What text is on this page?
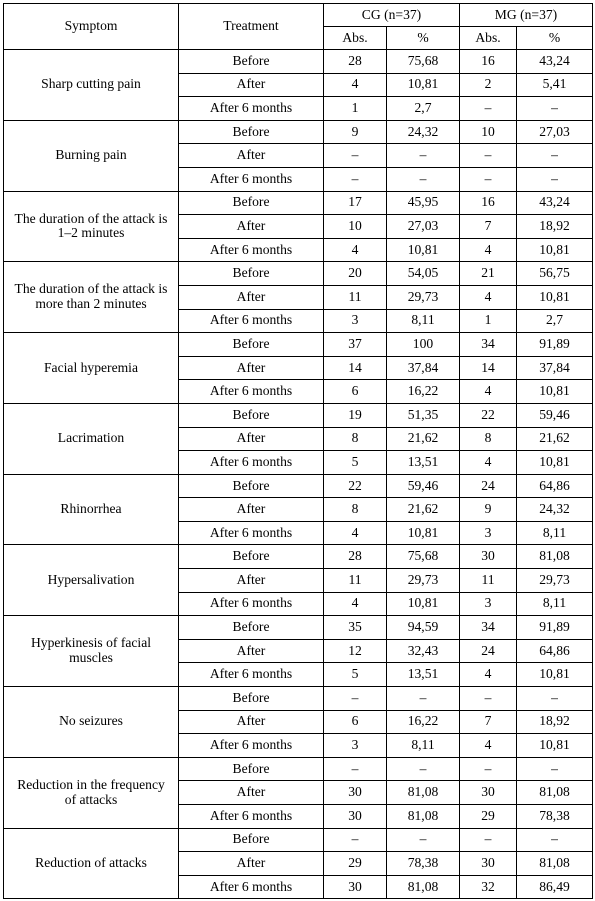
Symptom	Treatment	CG (n=37)		MG (n=37)	
		Abs.	%	Abs.	%
Sharp cutting pain	Before	28	75,68	16	43,24
	After	4	10,81	2	5,41
	After 6 months	1	2,7	–	–
Burning pain	Before	9	24,32	10	27,03
	After	–	–	–	–
	After 6 months	–	–	–	–
The duration of the attack is 1–2 minutes	Before	17	45,95	16	43,24
	After	10	27,03	7	18,92
	After 6 months	4	10,81	4	10,81
The duration of the attack is more than 2 minutes	Before	20	54,05	21	56,75
	After	11	29,73	4	10,81
	After 6 months	3	8,11	1	2,7
Facial hyperemia	Before	37	100	34	91,89
	After	14	37,84	14	37,84
	After 6 months	6	16,22	4	10,81
Lacrimation	Before	19	51,35	22	59,46
	After	8	21,62	8	21,62
	After 6 months	5	13,51	4	10,81
Rhinorrhea	Before	22	59,46	24	64,86
	After	8	21,62	9	24,32
	After 6 months	4	10,81	3	8,11
Hypersalivation	Before	28	75,68	30	81,08
	After	11	29,73	11	29,73
	After 6 months	4	10,81	3	8,11
Hyperkinesis of facial muscles	Before	35	94,59	34	91,89
	After	12	32,43	24	64,86
	After 6 months	5	13,51	4	10,81
No seizures	Before	–	–	–	–
	After	6	16,22	7	18,92
	After 6 months	3	8,11	4	10,81
Reduction in the frequency of attacks	Before	–	–	–	–
	After	30	81,08	30	81,08
	After 6 months	30	81,08	29	78,38
Reduction of attacks	Before	–	–	–	–
	After	29	78,38	30	81,08
	After 6 months	30	81,08	32	86,49
